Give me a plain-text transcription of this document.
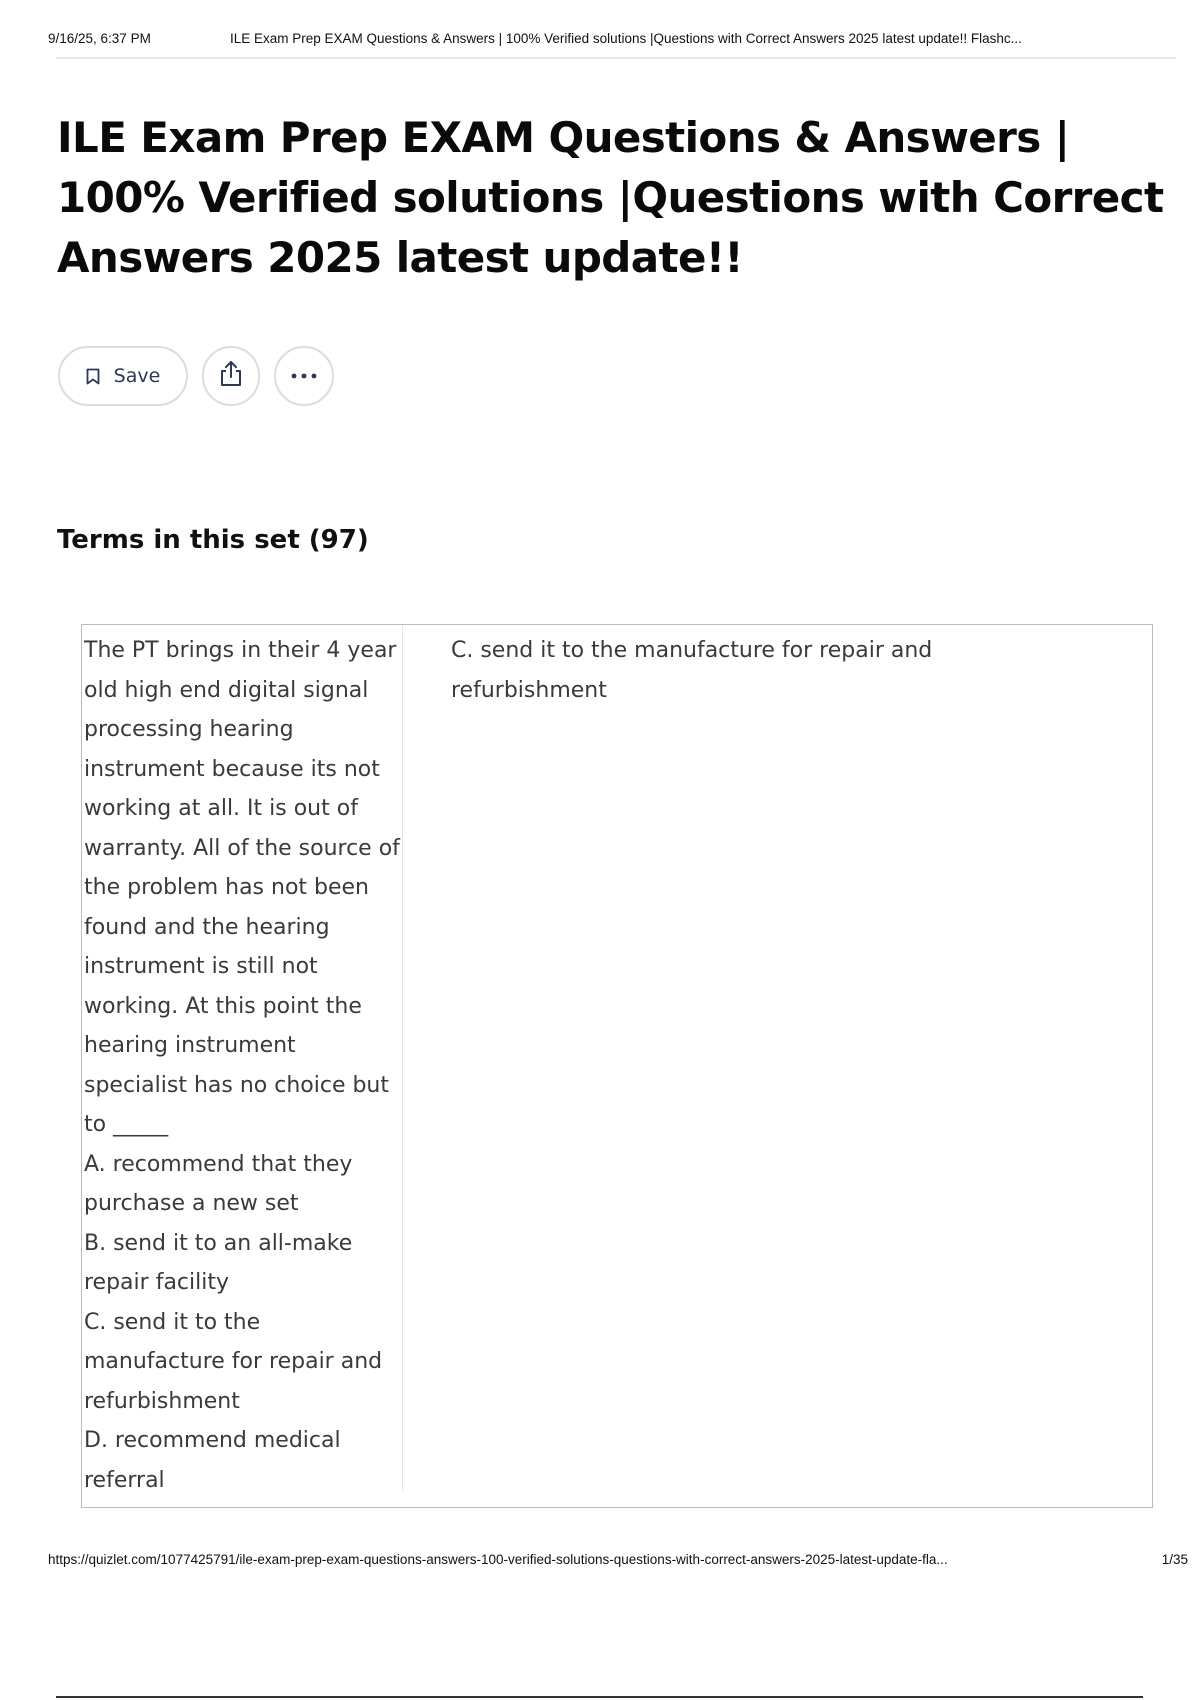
9/16/25, 6:37 PM	ILE Exam Prep EXAM Questions & Answers | 100% Verified solutions |Questions with Correct Answers 2025 latest update!! Flashc...
ILE Exam Prep EXAM Questions & Answers | 100% Verified solutions |Questions with Correct Answers 2025 latest update!!
Save
Terms in this set (97)

The PT brings in their 4 year old high end digital signal processing hearing instrument because its not working at all. It is out of warranty. All of the source of the problem has not been found and the hearing instrument is still not working. At this point the hearing instrument specialist has no choice but to _____
A. recommend that they purchase a new set
B. send it to an all-make repair facility
C. send it to the manufacture for repair and refurbishment
D. recommend medical referral

C. send it to the manufacture for repair and refurbishment

https://quizlet.com/1077425791/ile-exam-prep-exam-questions-answers-100-verified-solutions-questions-with-correct-answers-2025-latest-update-fla...	1/35
